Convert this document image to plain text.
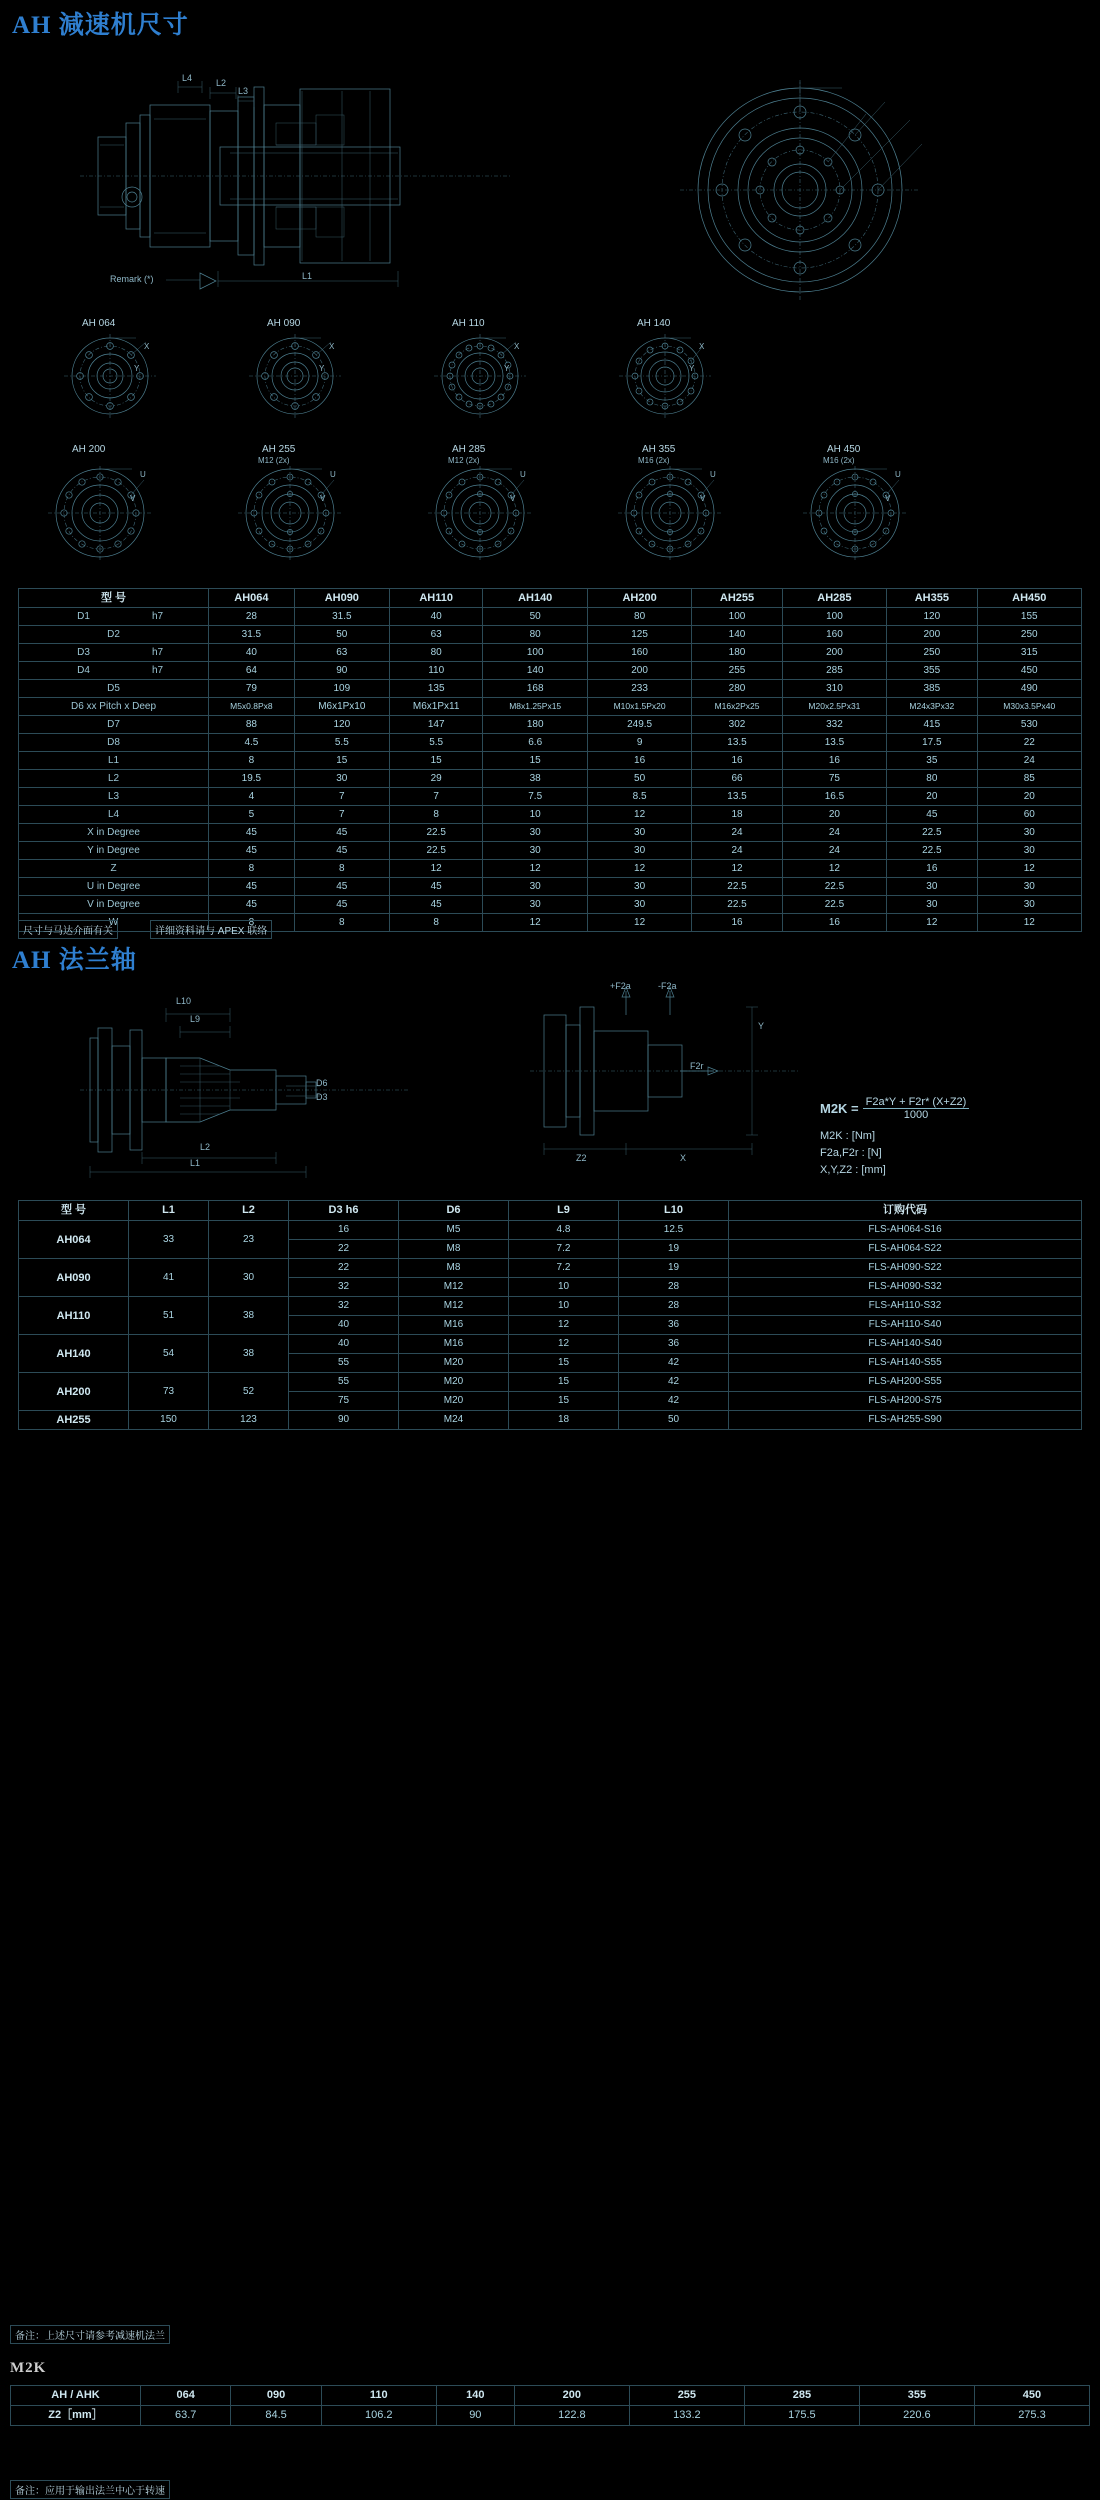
AH 減速机尺寸
L4	L2
L3
L1
Remark (*)
AH 064
X
Y
AH 090
X
Y
AH 110
X
Y
AH 140
X
Y
AH 200
U
V
AH 255
M12 (2x)
U
V
AH 285
M12 (2x)
U
V
AH 355
M16 (2x)
U
V
AH 450
M16 (2x)
U
V
型 号	AH064	AH090	AH110	AH140	AH200	AH255	AH285	AH355	AH450
D1 h7	28	31.5	40	50	80	100	100	120	155
D2	31.5	50	63	80	125	140	160	200	250
D3 h7	40	63	80	100	160	180	200	250	315
D4 h7	64	90	110	140	200	255	285	355	450
D5	79	109	135	168	233	280	310	385	490
D6 xx Pitch x Deep	M5x0.8Px8	M6x1Px10	M6x1Px11	M8x1.25Px15	M10x1.5Px20	M16x2Px25	M20x2.5Px31	M24x3Px32	M30x3.5Px40
D7	88	120	147	180	249.5	302	332	415	530
D8	4.5	5.5	5.5	6.6	9	13.5	13.5	17.5	22
L1	8	15	15	15	16	16	16	35	24
L2	19.5	30	29	38	50	66	75	80	85
L3	4	7	7	7.5	8.5	13.5	16.5	20	20
L4	5	7	8	10	12	18	20	45	60
X in Degree	45	45	22.5	30	30	24	24	22.5	30
Y in Degree	45	45	22.5	30	30	24	24	22.5	30
Z	8	8	12	12	12	12	12	16	12
U in Degree	45	45	45	30	30	22.5	22.5	30	30
V in Degree	45	45	45	30	30	22.5	22.5	30	30
W	8	8	8	12	12	16	16	12	12
尺寸与马达介面有关	详细资料请与 APEX 联络
AH 法兰轴
L10
L9
L2
L1
D6
D3
+F2a	-F2a
F2r
Y
X
Z2
$M2K = \frac{F2a*Y + F2r* (X+Z2)}{1000}$
M2K : [Nm]
F2a,F2r : [N]
X,Y,Z2 : [mm]
型 号	L1	L2	D3 h6	D6	L9	L10	订购代码
AH064	33	23	16	M5	4.8	12.5	FLS-AH064-S16
			22	M8	7.2	19	FLS-AH064-S22
AH090	41	30	22	M8	7.2	19	FLS-AH090-S22
			32	M12	10	28	FLS-AH090-S32
AH110	51	38	32	M12	10	28	FLS-AH110-S32
			40	M16	12	36	FLS-AH110-S40
AH140	54	38	40	M16	12	36	FLS-AH140-S40
			55	M20	15	42	FLS-AH140-S55
AH200	73	52	55	M20	15	42	FLS-AH200-S55
			75	M20	15	42	FLS-AH200-S75
AH255	150	123	90	M24	18	50	FLS-AH255-S90
备注：上述尺寸请参考减速机法兰
M2K
AH / AHK	064	090	110	140	200	255	285	355	450
Z2［mm］	63.7	84.5	106.2	90	122.8	133.2	175.5	220.6	275.3
备注：应用于输出法兰中心于转速
